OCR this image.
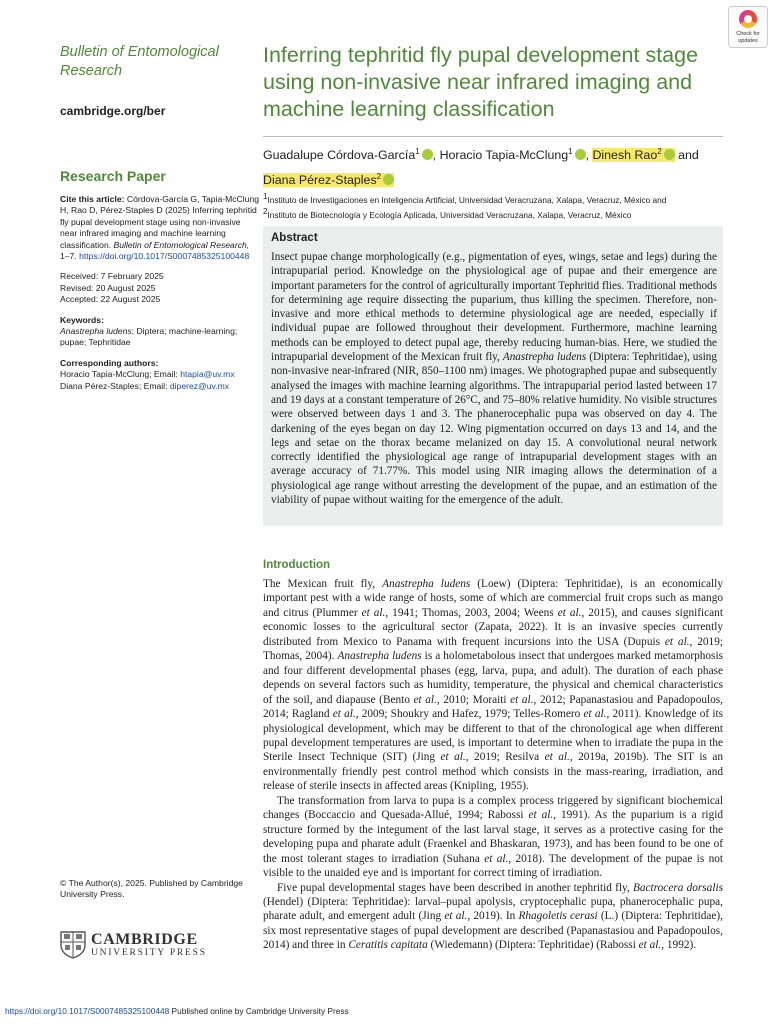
Bulletin of Entomological Research
cambridge.org/ber
Research Paper

Cite this article: Córdova-García G, Tapia-McClung H, Rao D, Pérez-Staples D (2025) Inferring tephritid fly pupal development stage using non-invasive near infrared imaging and machine learning classification. Bulletin of Entomological Research, 1–7. https://doi.org/10.1017/S0007485325100448

Received: 7 February 2025

Revised: 20 August 2025

Accepted: 22 August 2025

Keywords:

Anastrepha ludens; Diptera; machine-learning; pupae; Tephritidae

Corresponding authors:

Horacio Tapia-McClung; Email: htapia@uv.mx

Diana Pérez-Staples; Email: diperez@uv.mx

© The Author(s), 2025. Published by Cambridge University Press.
CAMBRIDGE
UNIVERSITY PRESS
Check for
updates
Inferring tephritid fly pupal development stage using non-invasive near infrared imaging and machine learning classification
Guadalupe Córdova-García$^1$ , Horacio Tapia-McClung$^1$ , Dinesh Rao$^2$ and Diana Pérez-Staples$^2$
$^1$Instituto de Investigaciones en Inteligencia Artificial, Universidad Veracruzana, Xalapa, Veracruz, México and
$^2$Instituto de Biotecnología y Ecología Aplicada, Universidad Veracruzana, Xalapa, Veracruz, México
Abstract
Insect pupae change morphologically (e.g., pigmentation of eyes, wings, setae and legs) during the intrapuparial period. Knowledge on the physiological age of pupae and their emergence are important parameters for the control of agriculturally important Tephritid flies. Traditional methods for determining age require dissecting the puparium, thus killing the specimen. Therefore, non-invasive and more ethical methods to determine physiological age are needed, especially if individual pupae are followed throughout their development. Furthermore, machine learning methods can be employed to detect pupal age, thereby reducing human-bias. Here, we studied the intrapuparial development of the Mexican fruit fly, Anastrepha ludens (Diptera: Tephritidae), using non-invasive near-infrared (NIR, 850–1100 nm) images. We photographed pupae and subsequently analysed the images with machine learning algorithms. The intrapuparial period lasted between 17 and 19 days at a constant temperature of 26°C, and 75–80% relative humidity. No visible structures were observed between days 1 and 3. The phanerocephalic pupa was observed on day 4. The darkening of the eyes began on day 12. Wing pigmentation occurred on days 13 and 14, and the legs and setae on the thorax became melanized on day 15. A convolutional neural network correctly identified the physiological age range of intrapuparial development stages with an average accuracy of 71.77%. This model using NIR imaging allows the determination of a physiological age range without arresting the development of the pupae, and an estimation of the viability of pupae without waiting for the emergence of the adult.
Introduction

The Mexican fruit fly, Anastrepha ludens (Loew) (Diptera: Tephritidae), is an economically important pest with a wide range of hosts, some of which are commercial fruit crops such as mango and citrus (Plummer et al., 1941; Thomas, 2003, 2004; Weens et al., 2015), and causes significant economic losses to the agricultural sector (Zapata, 2022). It is an invasive species currently distributed from Mexico to Panama with frequent incursions into the USA (Dupuis et al., 2019; Thomas, 2004). Anastrepha ludens is a holometabolous insect that undergoes marked metamorphosis and four different developmental phases (egg, larva, pupa, and adult). The duration of each phase depends on several factors such as humidity, temperature, the physical and chemical characteristics of the soil, and diapause (Bento et al., 2010; Moraiti et al., 2012; Papanastasiou and Papadopoulos, 2014; Ragland et al., 2009; Shoukry and Hafez, 1979; Telles-Romero et al., 2011). Knowledge of its physiological development, which may be different to that of the chronological age when different pupal development temperatures are used, is important to determine when to irradiate the pupa in the Sterile Insect Technique (SIT) (Jing et al., 2019; Resilva et al., 2019a, 2019b). The SIT is an environmentally friendly pest control method which consists in the mass-rearing, irradiation, and release of sterile insects in affected areas (Knipling, 1955).

The transformation from larva to pupa is a complex process triggered by significant biochemical changes (Boccaccio and Quesada-Allué, 1994; Rabossi et al., 1991). As the puparium is a rigid structure formed by the integument of the last larval stage, it serves as a protective casing for the developing pupa and pharate adult (Fraenkel and Bhaskaran, 1973), and has been found to be one of the most tolerant stages to irradiation (Suhana et al., 2018). The development of the pupae is not visible to the unaided eye and is important for correct timing of irradiation.

Five pupal developmental stages have been described in another tephritid fly, Bactrocera dorsalis (Hendel) (Diptera: Tephritidae): larval–pupal apolysis, cryptocephalic pupa, phanerocephalic pupa, pharate adult, and emergent adult (Jing et al., 2019). In Rhagoletis cerasi (L.) (Diptera: Tephritidae), six most representative stages of pupal development are described (Papanastasiou and Papadopoulos, 2014) and three in Ceratitis capitata (Wiedemann) (Diptera: Tephritidae) (Rabossi et al., 1992).

https://doi.org/10.1017/S0007485325100448 Published online by Cambridge University Press
